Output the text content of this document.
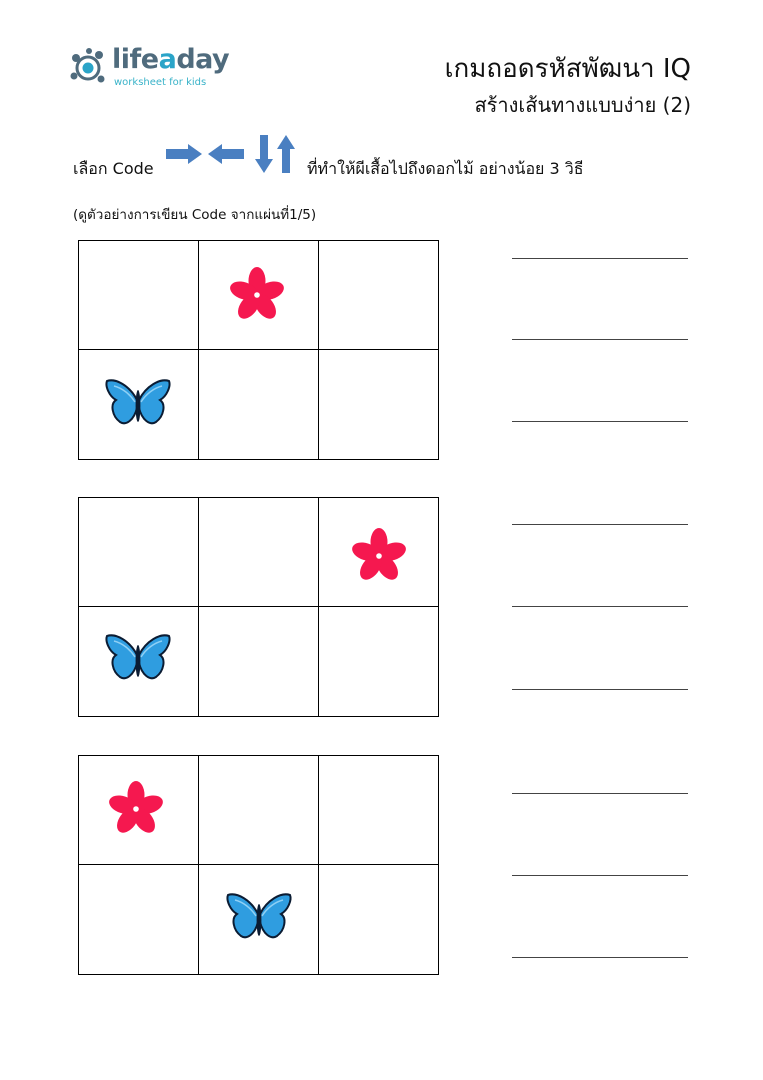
lifeaday
worksheet for kids	เกมถอดรหัสพัฒนา IQ
สร้างเส้นทางแบบง่าย (2)
เลือก Code	ที่ทำให้ผีเสื้อไปถึงดอกไม้ อย่างน้อย 3 วิธี
(ดูตัวอย่างการเขียน Code จากแผ่นที่1/5)
